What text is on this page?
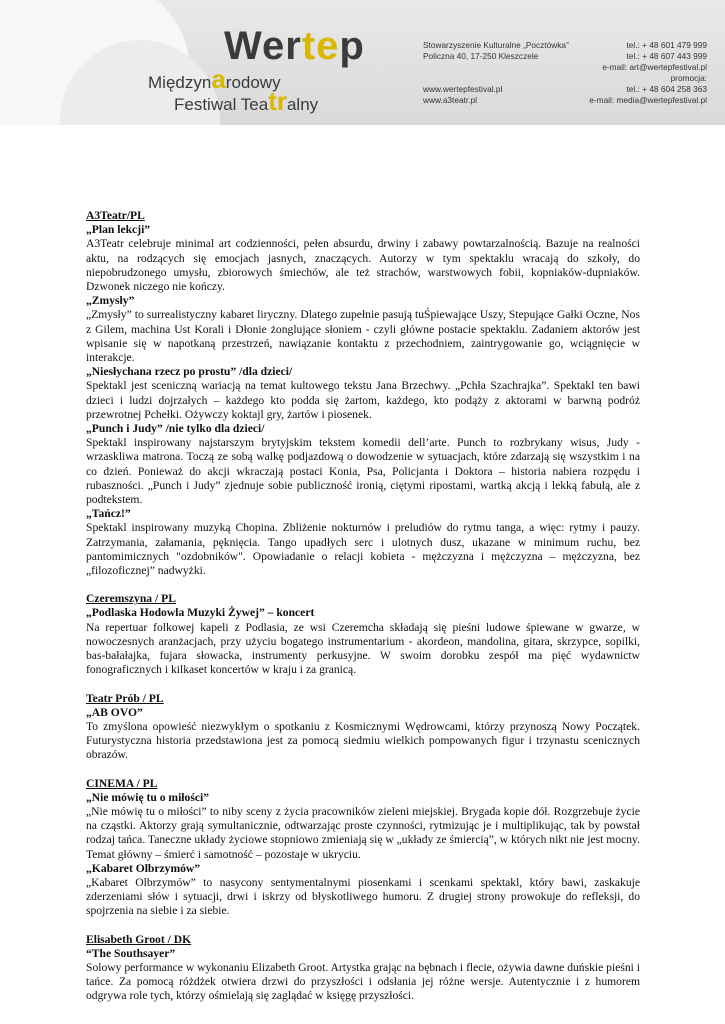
Wertep
Międzynarodowy
Festiwal Teatralny
Stowarzyszenie Kulturalne „Pocztówka”
Policzna 40, 17-250 Kleszczele
www.wertepfestival.pl
www.a3teatr.pl
tel.: + 48 601 479 999
tel.: + 48 607 443 999
e-mail: art@wertepfestival.pl
promocja:
tel.: + 48 604 258 363
e-mail: media@wertepfestival.pl

A3Teatr/PL

„Plan lekcji”

A3Teatr celebruje minimal art codzienności, pełen absurdu, drwiny i zabawy powtarzalnością. Bazuje na realności aktu, na rodzących się emocjach jasnych, znaczących. Autorzy w tym spektaklu wracają do szkoły, do niepobrudzonego umysłu, zbiorowych śmiechów, ale też strachów, warstwowych fobii, kopniaków-dupniaków. Dzwonek niczego nie kończy.

„Zmysły”

„Zmysły” to surrealistyczny kabaret liryczny. Dlatego zupełnie pasują tuŚpiewające Uszy, Stepujące Gałki Oczne, Nos z Gilem, machina Ust Korali i Dłonie żonglujące słoniem - czyli główne postacie spektaklu. Zadaniem aktorów jest wpisanie się w napotkaną przestrzeń, nawiązanie kontaktu z przechodniem, zaintrygowanie go, wciągnięcie w interakcje.

„Niesłychana rzecz po prostu” /dla dzieci/

Spektakl jest sceniczną wariacją na temat kultowego tekstu Jana Brzechwy. „Pchła Szachrajka”. Spektakl ten bawi dzieci i ludzi dojrzałych – każdego kto podda się żartom, każdego, kto podąży z aktorami w barwną podróż przewrotnej Pchełki. Ożywczy koktajl gry, żartów i piosenek.

„Punch i Judy” /nie tylko dla dzieci/

Spektakl inspirowany najstarszym brytyjskim tekstem komedii dell’arte. Punch to rozbrykany wisus, Judy - wrzaskliwa matrona. Toczą ze sobą walkę podjazdową o dowodzenie w sytuacjach, które zdarzają się wszystkim i na co dzień. Ponieważ do akcji wkraczają postaci Konia, Psa, Policjanta i Doktora – historia nabiera rozpędu i rubaszności. „Punch i Judy” zjednuje sobie publiczność ironią, ciętymi ripostami, wartką akcją i lekką fabułą, ale z podtekstem.

„Tańcz!”

Spektakl inspirowany muzyką Chopina. Zbliżenie nokturnów i preludiów do rytmu tanga, a więc: rytmy i pauzy. Zatrzymania, załamania, pęknięcia. Tango upadłych serc i ulotnych dusz, ukazane w minimum ruchu, bez pantomimicznych "ozdobników". Opowiadanie o relacji kobieta - mężczyzna i mężczyzna – mężczyzna, bez „filozoficznej” nadwyżki.

Czeremszyna / PL

„Podlaska Hodowla Muzyki Żywej” – koncert

Na repertuar folkowej kapeli z Podlasia, ze wsi Czeremcha składają się pieśni ludowe śpiewane w gwarze, w nowoczesnych aranżacjach, przy użyciu bogatego instrumentarium - akordeon, mandolina, gitara, skrzypce, sopilki, bas-bałałajka, fujara słowacka, instrumenty perkusyjne. W swoim dorobku zespół ma pięć wydawnictw fonograficznych i kilkaset koncertów w kraju i za granicą.

Teatr Prób / PL

„AB OVO”

To zmyślona opowieść niezwykłym o spotkaniu z Kosmicznymi Wędrowcami, którzy przynoszą Nowy Początek. Futurystyczna historia przedstawiona jest za pomocą siedmiu wielkich pompowanych figur i trzynastu scenicznych obrazów.

CINEMA / PL

„Nie mówię tu o miłości”

„Nie mówię tu o miłości” to niby sceny z życia pracowników zieleni miejskiej. Brygada kopie dół. Rozgrzebuje życie na cząstki. Aktorzy grają symultanicznie, odtwarzając proste czynności, rytmizując je i multiplikując, tak by powstał rodzaj tańca. Taneczne układy życiowe stopniowo zmieniają się w „układy ze śmiercią”, w których nikt nie jest mocny. Temat główny – śmierć i samotność – pozostaje w ukryciu.

„Kabaret Olbrzymów”

„Kabaret Olbrzymów” to nasycony sentymentalnymi piosenkami i scenkami spektakl, który bawi, zaskakuje zderzeniami słów i sytuacji, drwi i iskrzy od błyskotliwego humoru. Z drugiej strony prowokuje do refleksji, do spojrzenia na siebie i za siebie.

Elisabeth Groot / DK

“The Southsayer”

Solowy performance w wykonaniu Elizabeth Groot. Artystka grając na bębnach i flecie, ożywia dawne duńskie pieśni i tańce. Za pomocą różdżek otwiera drzwi do przyszłości i odsłania jej różne wersje. Autentycznie i z humorem odgrywa role tych, którzy ośmielają się zaglądać w księgę przyszłości.
